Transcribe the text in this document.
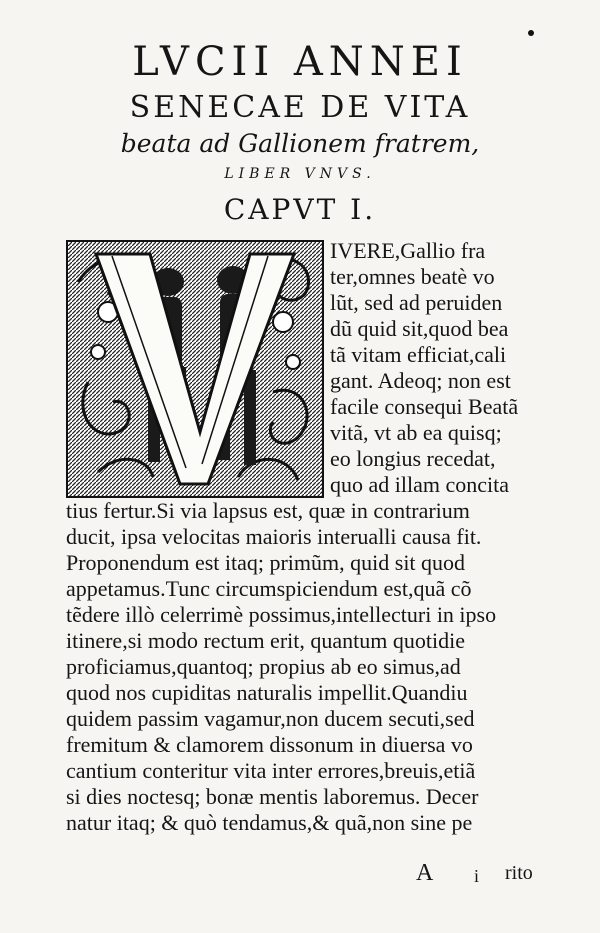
LVCII ANNEI
SENECAE DE VITA
beata ad Gallionem fratrem,
LIBER VNVS.
CAPVT I.
IVERE,Gallio fra
ter,omnes beatè vo
lũt, sed ad peruiden
dũ quid sit,quod bea
tã vitam efficiat,cali
gant. Adeoq; non est
facile consequi Beatã
vitã, vt ab ea quisq;
eo longius recedat,
quo ad illam concita
tius fertur.Si via lapsus est, quæ in contrarium
ducit, ipsa velocitas maioris interualli causa fit.
Proponendum est itaq; primũm, quid sit quod
appetamus.Tunc circumspiciendum est,quã cõ
tẽdere illò celerrimè possimus,intellecturi in ipso
itinere,si modo rectum erit, quantum quotidie
proficiamus,quantoq; propius ab eo simus,ad
quod nos cupiditas naturalis impellit.Quandiu
quidem passim vagamur,non ducem secuti,sed
fremitum & clamorem dissonum in diuersa vo
cantium conteritur vita inter errores,breuis,etiã
si dies noctesq; bonæ mentis laboremus. Decer
natur itaq; & quò tendamus,& quã,non sine pe
A i rito
